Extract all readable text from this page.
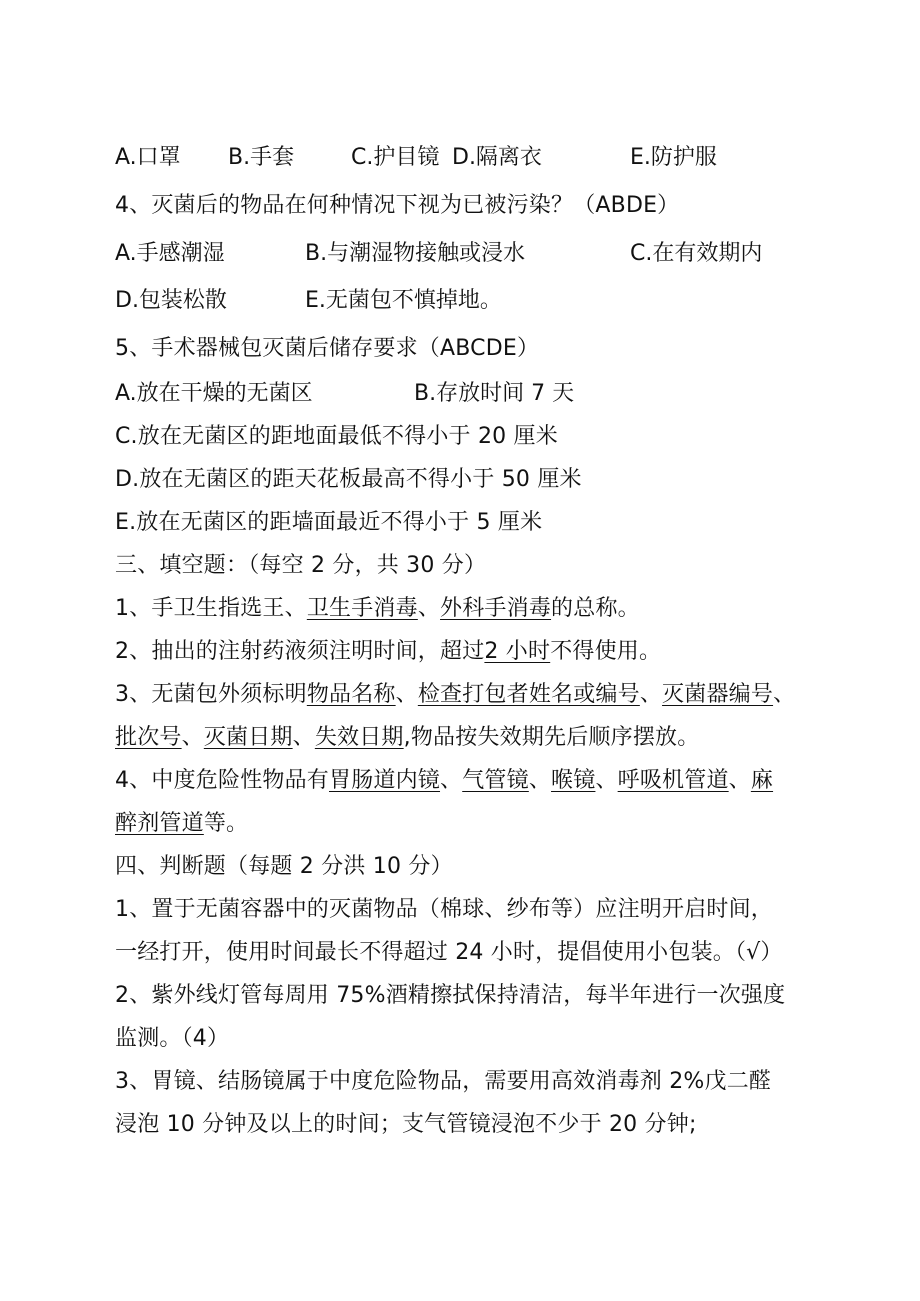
A.口罩 B.手套	C.护目镜 D.隔离衣	E.防护服
4、灭菌后的物品在何种情况下视为已被污染？（ABDE）
A.手感潮湿	B.与潮湿物接触或浸水	C.在有效期内
D.包装松散	E.无菌包不慎掉地。
5、手术器械包灭菌后储存要求（ABCDE）
A.放在干燥的无菌区	B.存放时间 7 天
C.放在无菌区的距地面最低不得小于 20 厘米
D.放在无菌区的距天花板最高不得小于 50 厘米
E.放在无菌区的距墙面最近不得小于 5 厘米
三、填空题：（每空 2 分，共 30 分）
1、手卫生指选王、卫生手消毒、外科手消毒的总称。
2、抽出的注射药液须注明时间，超过2 小时不得使用。
3、无菌包外须标明物品名称、检查打包者姓名或编号、灭菌器编号、
批次号、灭菌日期、失效日期,物品按失效期先后顺序摆放。
4、中度危险性物品有胃肠道内镜、气管镜、喉镜、呼吸机管道、麻
醉剂管道等。
四、判断题（每题 2 分洪 10 分）
1、置于无菌容器中的灭菌物品（棉球、纱布等）应注明开启时间，
一经打开，使用时间最长不得超过 24 小时，提倡使用小包装。（√）
2、紫外线灯管每周用 75%酒精擦拭保持清洁，每半年进行一次强度
监测。（4）
3、胃镜、结肠镜属于中度危险物品，需要用高效消毒剂 2%戊二醛
浸泡 10 分钟及以上的时间；支气管镜浸泡不少于 20 分钟;
